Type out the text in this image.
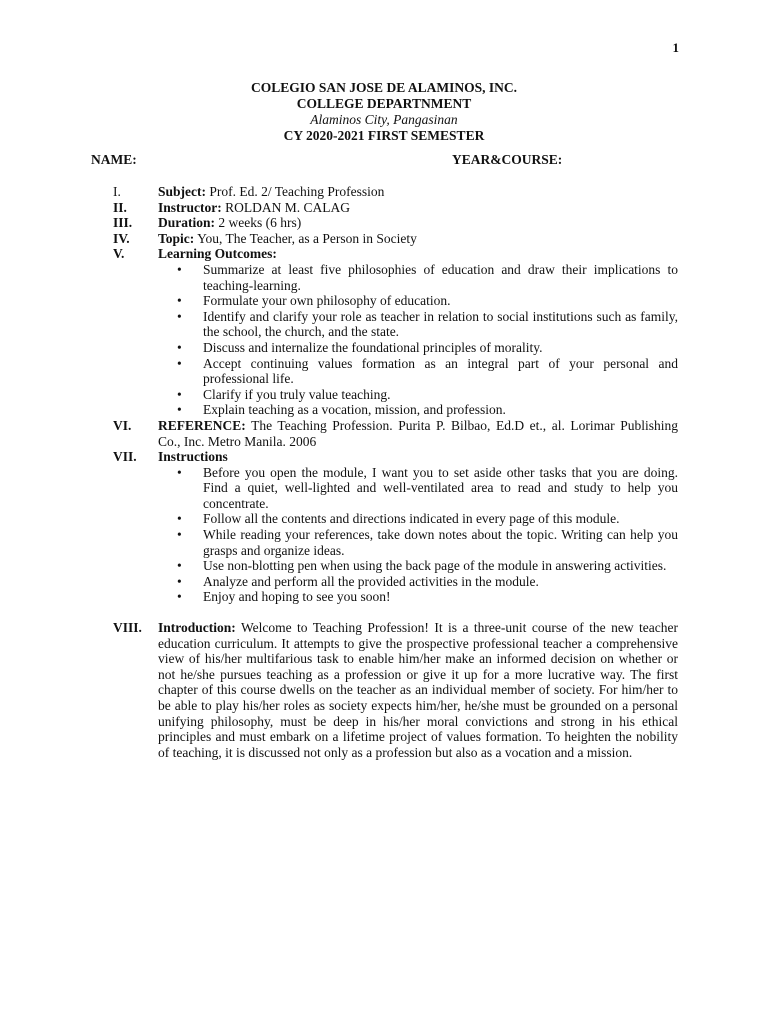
1
COLEGIO SAN JOSE DE ALAMINOS, INC.
COLLEGE DEPARTNMENT
Alaminos City, Pangasinan
CY 2020-2021 FIRST SEMESTER
NAME:	YEAR&COURSE:
I.	Subject: Prof. Ed. 2/ Teaching Profession
II. Instructor: ROLDAN M. CALAG
III. Duration: 2 weeks (6 hrs)
IV. Topic: You, The Teacher, as a Person in Society
V. Learning Outcomes:
• Summarize at least five philosophies of education and draw their implications to teaching-learning.
• Formulate your own philosophy of education.
• Identify and clarify your role as teacher in relation to social institutions such as family, the school, the church, and the state.
• Discuss and internalize the foundational principles of morality.
• Accept continuing values formation as an integral part of your personal and professional life.
• Clarify if you truly value teaching.
• Explain teaching as a vocation, mission, and profession.
VI. REFERENCE: The Teaching Profession. Purita P. Bilbao, Ed.D et., al. Lorimar Publishing Co., Inc. Metro Manila. 2006
VII. Instructions
• Before you open the module, I want you to set aside other tasks that you are doing. Find a quiet, well-lighted and well-ventilated area to read and study to help you concentrate.
• Follow all the contents and directions indicated in every page of this module.
• While reading your references, take down notes about the topic. Writing can help you grasps and organize ideas.
• Use non-blotting pen when using the back page of the module in answering activities.
• Analyze and perform all the provided activities in the module.
• Enjoy and hoping to see you soon!
VIII. Introduction: Welcome to Teaching Profession! It is a three-unit course of the new teacher education curriculum. It attempts to give the prospective professional teacher a comprehensive view of his/her multifarious task to enable him/her make an informed decision on whether or not he/she pursues teaching as a profession or give it up for a more lucrative way. The first chapter of this course dwells on the teacher as an individual member of society. For him/her to be able to play his/her roles as society expects him/her, he/she must be grounded on a personal unifying philosophy, must be deep in his/her moral convictions and strong in his ethical principles and must embark on a lifetime project of values formation. To heighten the nobility of teaching, it is discussed not only as a profession but also as a vocation and a mission.
